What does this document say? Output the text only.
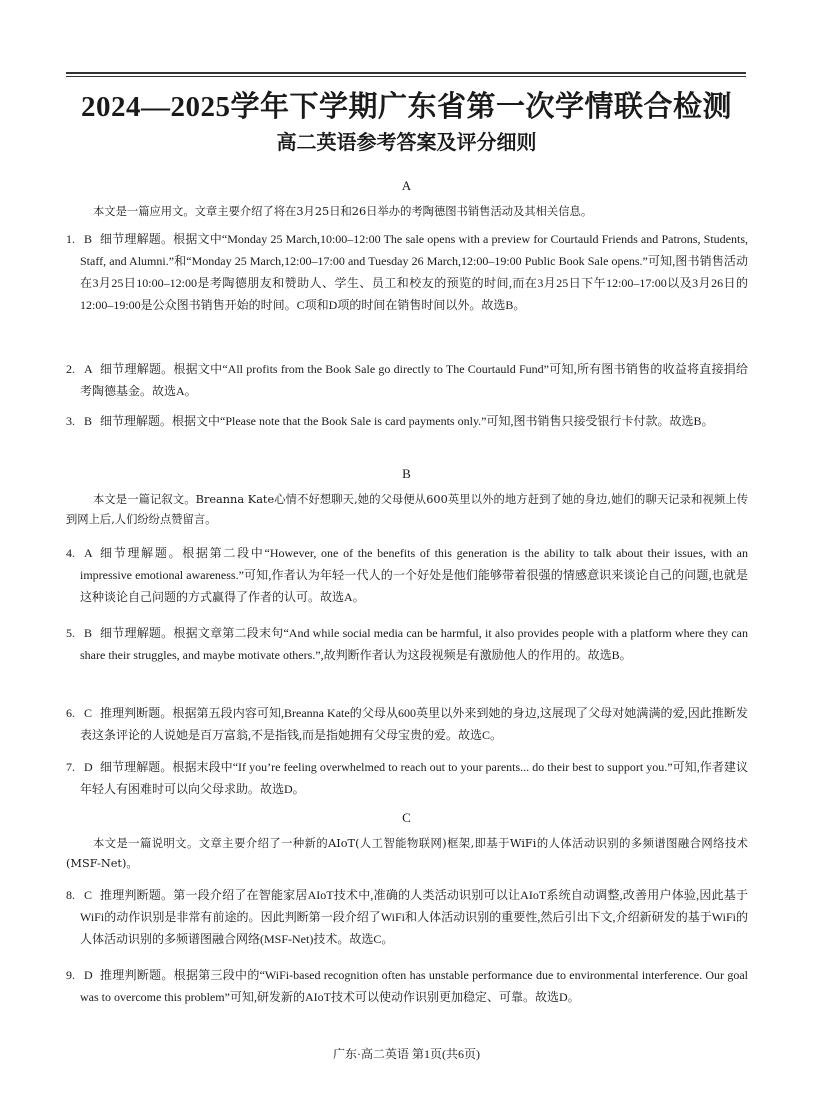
2024—2025学年下学期广东省第一次学情联合检测
高二英语参考答案及评分细则
A
本文是一篇应用文。文章主要介绍了将在3月25日和26日举办的考陶德图书销售活动及其相关信息。
1. B 细节理解题。根据文中“Monday 25 March,10:00–12:00 The sale opens with a preview for Courtauld Friends and Patrons, Students, Staff, and Alumni.”和“Monday 25 March,12:00–17:00 and Tuesday 26 March,12:00–19:00 Public Book Sale opens.”可知,图书销售活动在3月25日10:00–12:00是考陶德朋友和赞助人、学生、员工和校友的预览的时间,而在3月25日下午12:00–17:00以及3月26日的12:00–19:00是公众图书销售开始的时间。C项和D项的时间在销售时间以外。故选B。
2. A 细节理解题。根据文中“All profits from the Book Sale go directly to The Courtauld Fund”可知,所有图书销售的收益将直接捐给考陶德基金。故选A。
3. B 细节理解题。根据文中“Please note that the Book Sale is card payments only.”可知,图书销售只接受银行卡付款。故选B。
B
本文是一篇记叙文。Breanna Kate心情不好想聊天,她的父母便从600英里以外的地方赶到了她的身边,她们的聊天记录和视频上传到网上后,人们纷纷点赞留言。
4. A 细节理解题。根据第二段中“However, one of the benefits of this generation is the ability to talk about their issues, with an impressive emotional awareness.”可知,作者认为年轻一代人的一个好处是他们能够带着很强的情感意识来谈论自己的问题,也就是这种谈论自己问题的方式赢得了作者的认可。故选A。
5. B 细节理解题。根据文章第二段末句“And while social media can be harmful, it also provides people with a platform where they can share their struggles, and maybe motivate others.”,故判断作者认为这段视频是有激励他人的作用的。故选B。
6. C 推理判断题。根据第五段内容可知,Breanna Kate的父母从600英里以外来到她的身边,这展现了父母对她满满的爱,因此推断发表这条评论的人说她是百万富翁,不是指钱,而是指她拥有父母宝贵的爱。故选C。
7. D 细节理解题。根据末段中“If you’re feeling overwhelmed to reach out to your parents... do their best to support you.”可知,作者建议年轻人有困难时可以向父母求助。故选D。
C
本文是一篇说明文。文章主要介绍了一种新的AIoT(人工智能物联网)框架,即基于WiFi的人体活动识别的多频谱图融合网络技术(MSF-Net)。
8. C 推理判断题。第一段介绍了在智能家居AIoT技术中,准确的人类活动识别可以让AIoT系统自动调整,改善用户体验,因此基于WiFi的动作识别是非常有前途的。因此判断第一段介绍了WiFi和人体活动识别的重要性,然后引出下文,介绍新研发的基于WiFi的人体活动识别的多频谱图融合网络(MSF-Net)技术。故选C。
9. D 推理判断题。根据第三段中的“WiFi-based recognition often has unstable performance due to environmental interference. Our goal was to overcome this problem”可知,研发新的AIoT技术可以使动作识别更加稳定、可靠。故选D。
广东·高二英语 第1页(共6页)
